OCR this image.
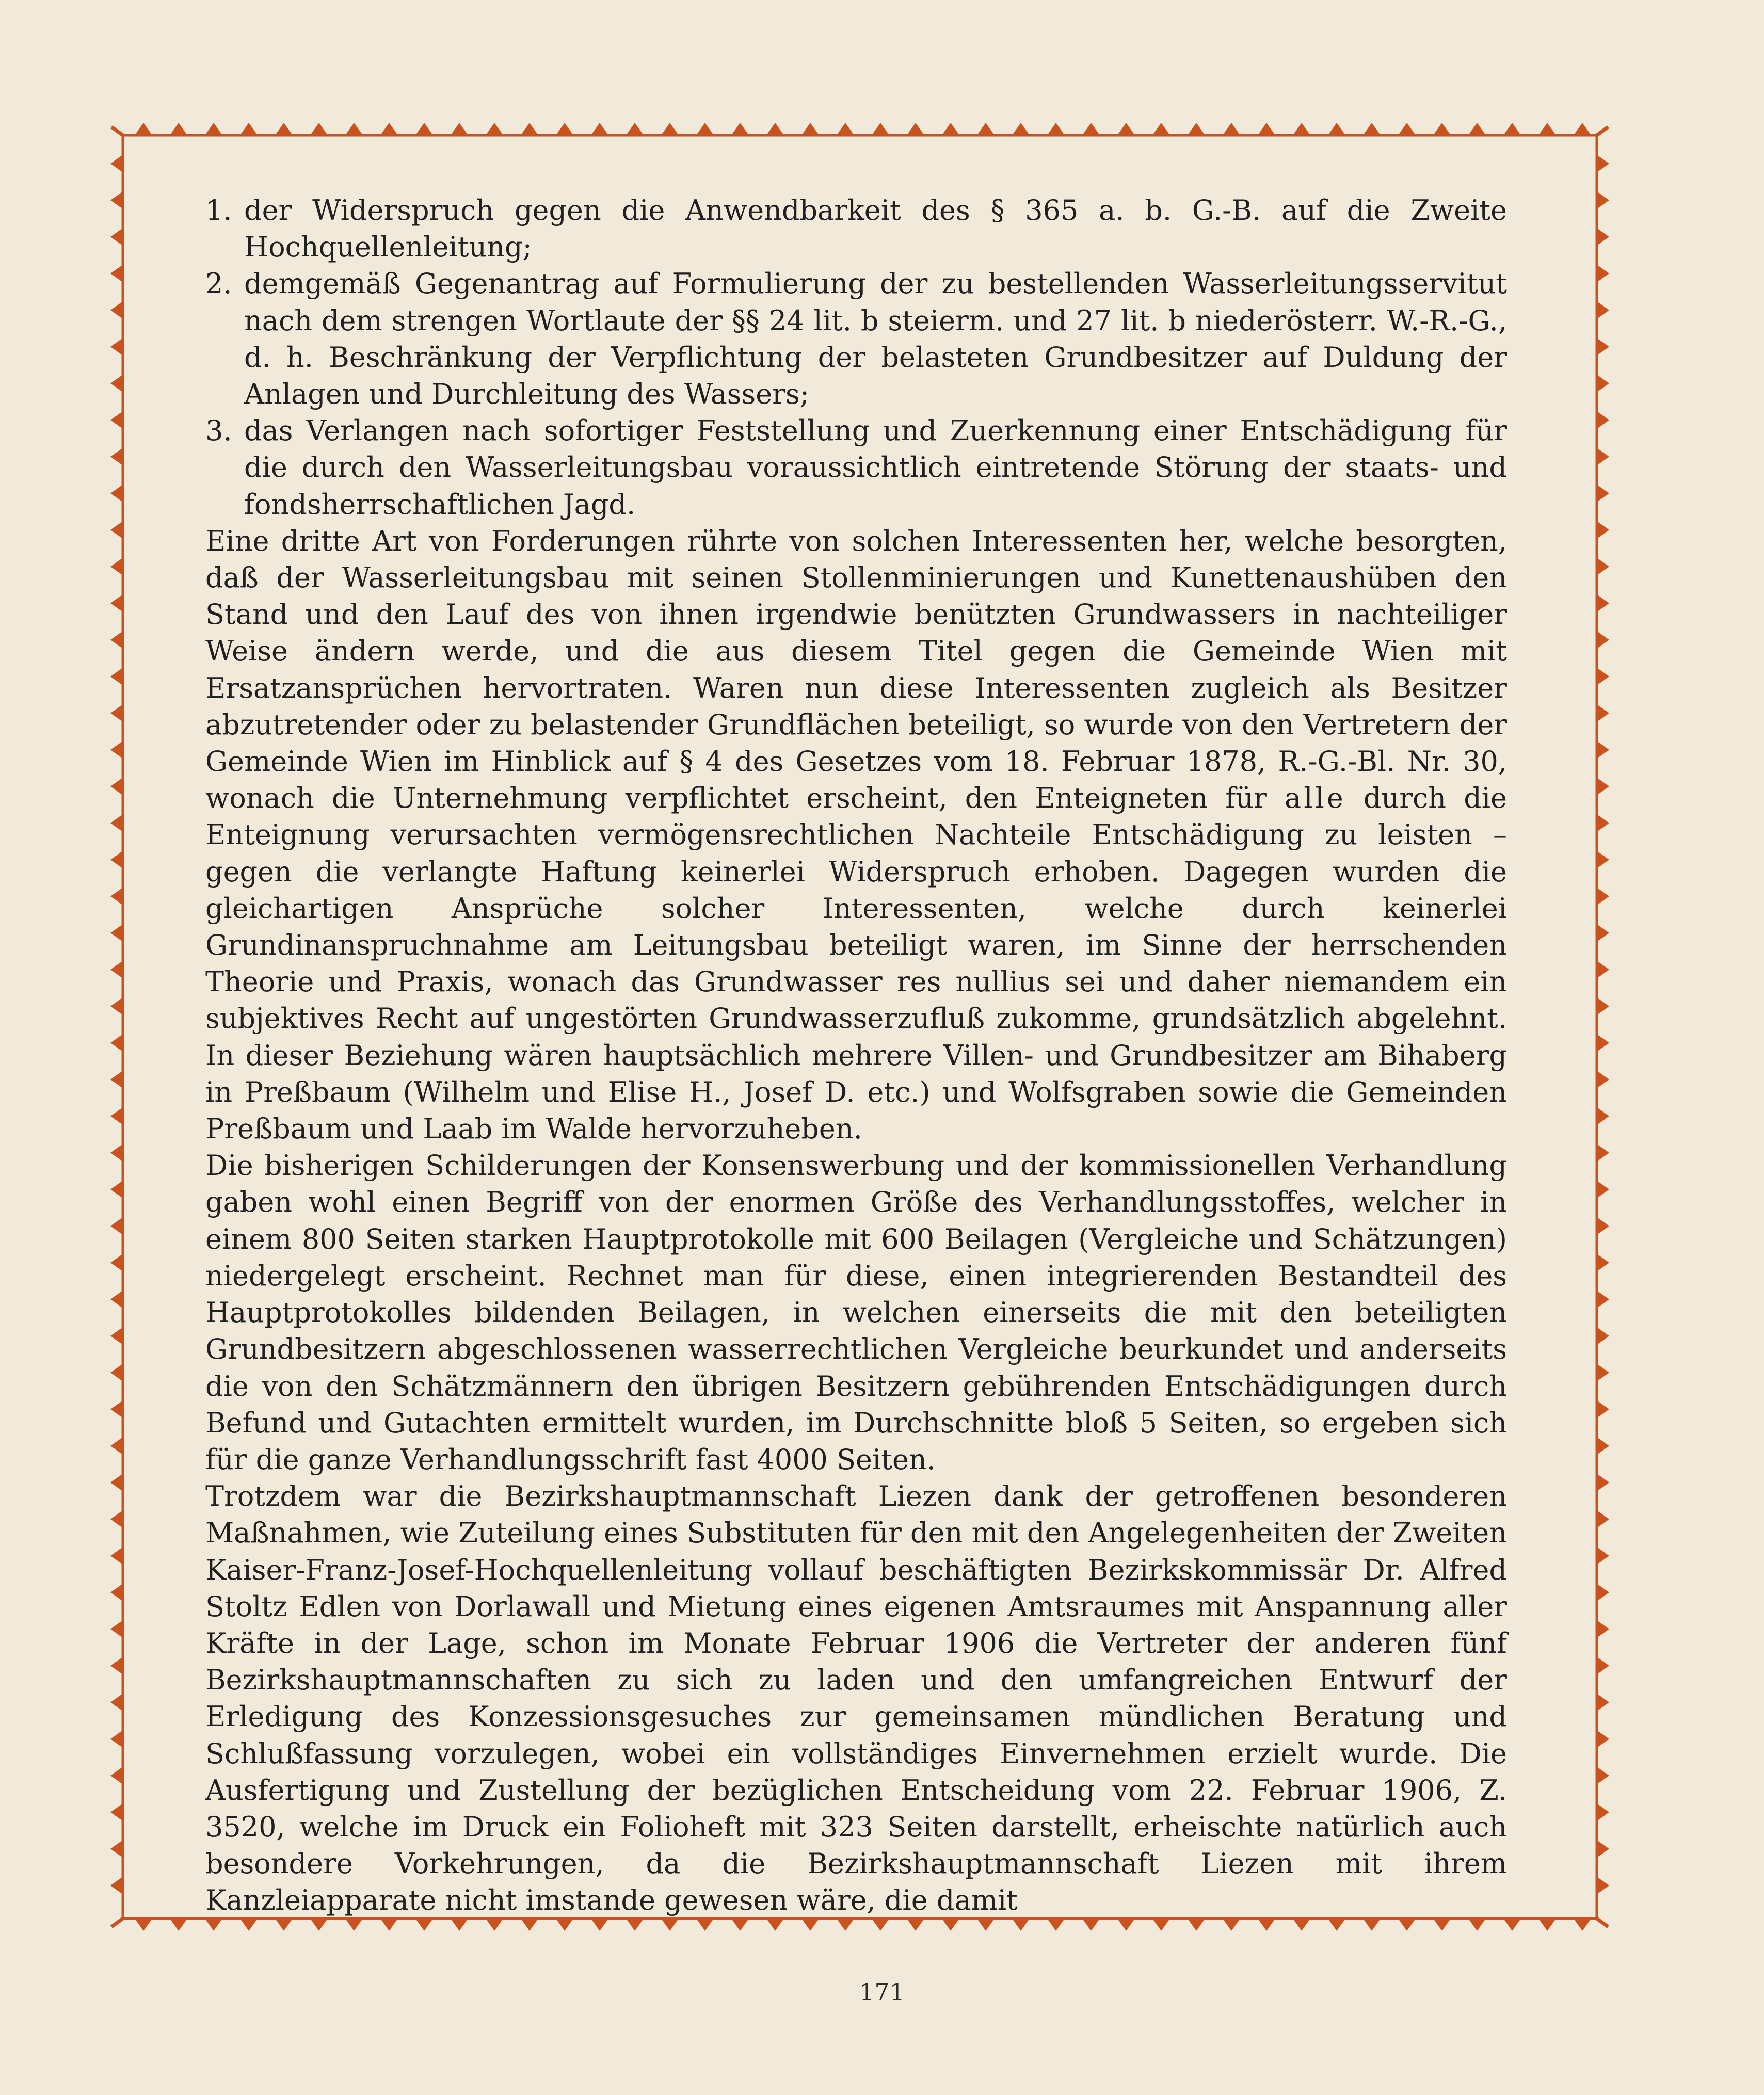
1. der Widerspruch gegen die Anwendbarkeit des § 365 a. b. G.-B. auf die Zweite Hochquellenleitung;
2. demgemäß Gegenantrag auf Formulierung der zu bestellenden Wasserleitungsservitut nach dem strengen Wortlaute der §§ 24 lit. b steierm. und 27 lit. b niederösterr. W.-R.-G., d. h. Beschränkung der Verpflichtung der belasteten Grundbesitzer auf Duldung der Anlagen und Durchleitung des Wassers;
3. das Verlangen nach sofortiger Feststellung und Zuerkennung einer Entschädigung für die durch den Wasserleitungsbau voraussichtlich eintretende Störung der staats- und fondsherrschaftlichen Jagd.

Eine dritte Art von Forderungen rührte von solchen Interessenten her, welche besorgten, daß der Wasserleitungsbau mit seinen Stollenminierungen und Kunettenaushüben den Stand und den Lauf des von ihnen irgendwie benützten Grundwassers in nachteiliger Weise ändern werde, und die aus diesem Titel gegen die Gemeinde Wien mit Ersatzansprüchen hervortraten. Waren nun diese Interessenten zugleich als Besitzer abzutretender oder zu belastender Grundflächen beteiligt, so wurde von den Vertretern der Gemeinde Wien im Hinblick auf § 4 des Gesetzes vom 18. Februar 1878, R.-G.-Bl. Nr. 30, wonach die Unternehmung verpflichtet erscheint, den Enteigneten für alle durch die Enteignung verursachten vermögensrechtlichen Nachteile Entschädigung zu leisten – gegen die verlangte Haftung keinerlei Widerspruch erhoben. Dagegen wurden die gleichartigen Ansprüche solcher Interessenten, welche durch keinerlei Grundinanspruchnahme am Leitungsbau beteiligt waren, im Sinne der herrschenden Theorie und Praxis, wonach das Grundwasser res nullius sei und daher niemandem ein subjektives Recht auf ungestörten Grundwasserzufluß zukomme, grundsätzlich abgelehnt. In dieser Beziehung wären hauptsächlich mehrere Villen- und Grundbesitzer am Bihaberg in Preßbaum (Wilhelm und Elise H., Josef D. etc.) und Wolfsgraben sowie die Gemeinden Preßbaum und Laab im Walde hervorzuheben.

Die bisherigen Schilderungen der Konsenswerbung und der kommissionellen Verhandlung gaben wohl einen Begriff von der enormen Größe des Verhandlungsstoffes, welcher in einem 800 Seiten starken Hauptprotokolle mit 600 Beilagen (Vergleiche und Schätzungen) niedergelegt erscheint. Rechnet man für diese, einen integrierenden Bestandteil des Hauptprotokolles bildenden Beilagen, in welchen einerseits die mit den beteiligten Grundbesitzern abgeschlossenen wasserrechtlichen Vergleiche beurkundet und anderseits die von den Schätzmännern den übrigen Besitzern gebührenden Entschädigungen durch Befund und Gutachten ermittelt wurden, im Durchschnitte bloß 5 Seiten, so ergeben sich für die ganze Verhandlungsschrift fast 4000 Seiten.

Trotzdem war die Bezirkshauptmannschaft Liezen dank der getroffenen besonderen Maßnahmen, wie Zuteilung eines Substituten für den mit den Angelegenheiten der Zweiten Kaiser-Franz-Josef-Hochquellenleitung vollauf beschäftigten Bezirkskommissär Dr. Alfred Stoltz Edlen von Dorlawall und Mietung eines eigenen Amtsraumes mit Anspannung aller Kräfte in der Lage, schon im Monate Februar 1906 die Vertreter der anderen fünf Bezirkshauptmannschaften zu sich zu laden und den umfangreichen Entwurf der Erledigung des Konzessionsgesuches zur gemeinsamen mündlichen Beratung und Schlußfassung vorzulegen, wobei ein vollständiges Einvernehmen erzielt wurde. Die Ausfertigung und Zustellung der bezüglichen Entscheidung vom 22. Februar 1906, Z. 3520, welche im Druck ein Folioheft mit 323 Seiten darstellt, erheischte natürlich auch besondere Vorkehrungen, da die Bezirkshauptmannschaft Liezen mit ihrem Kanzleiapparate nicht imstande gewesen wäre, die damit

171
